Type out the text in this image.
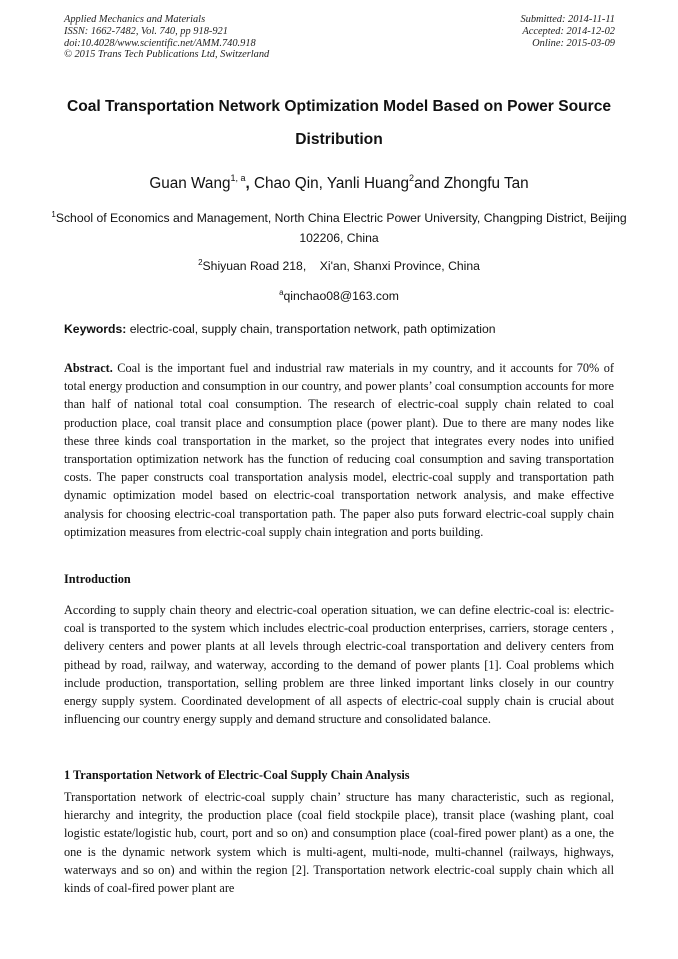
Applied Mechanics and Materials
ISSN: 1662-7482, Vol. 740, pp 918-921
doi:10.4028/www.scientific.net/AMM.740.918
© 2015 Trans Tech Publications Ltd, Switzerland
Submitted: 2014-11-11
Accepted: 2014-12-02
Online: 2015-03-09
Coal Transportation Network Optimization Model Based on Power Source Distribution
Guan Wang$^{1, a}$, Chao Qin, Yanli Huang$^2$and Zhongfu Tan
$^1$School of Economics and Management, North China Electric Power University, Changping District, Beijing 102206, China
$^2$Shiyuan Road 218,    Xi'an, Shanxi Province, China
$^a$qinchao08@163.com
Keywords: electric-coal, supply chain, transportation network, path optimization
Abstract. Coal is the important fuel and industrial raw materials in my country, and it accounts for 70% of total energy production and consumption in our country, and power plants’ coal consumption accounts for more than half of national total coal consumption. The research of electric-coal supply chain related to coal production place, coal transit place and consumption place (power plant). Due to there are many nodes like these three kinds coal transportation in the market, so the project that integrates every nodes into unified transportation optimization network has the function of reducing coal consumption and saving transportation costs. The paper constructs coal transportation analysis model, electric-coal supply and transportation path dynamic optimization model based on electric-coal transportation network analysis, and make effective analysis for choosing electric-coal transportation path. The paper also puts forward electric-coal supply chain optimization measures from electric-coal supply chain integration and ports building.
Introduction
According to supply chain theory and electric-coal operation situation, we can define electric-coal is: electric-coal is transported to the system which includes electric-coal production enterprises, carriers, storage centers , delivery centers and power plants at all levels through electric-coal transportation and delivery centers from pithead by road, railway, and waterway, according to the demand of power plants [1]. Coal problems which include production, transportation, selling problem are three linked important links closely in our country energy supply system. Coordinated development of all aspects of electric-coal supply chain is crucial about influencing our country energy supply and demand structure and consolidated balance.
1 Transportation Network of Electric-Coal Supply Chain Analysis
Transportation network of electric-coal supply chain’ structure has many characteristic, such as regional, hierarchy and integrity, the production place (coal field stockpile place), transit place (washing plant, coal logistic estate/logistic hub, court, port and so on) and consumption place (coal-fired power plant) as a one, the one is the dynamic network system which is multi-agent, multi-node, multi-channel (railways, highways, waterways and so on) and within the region [2]. Transportation network electric-coal supply chain which all kinds of coal-fired power plant are
